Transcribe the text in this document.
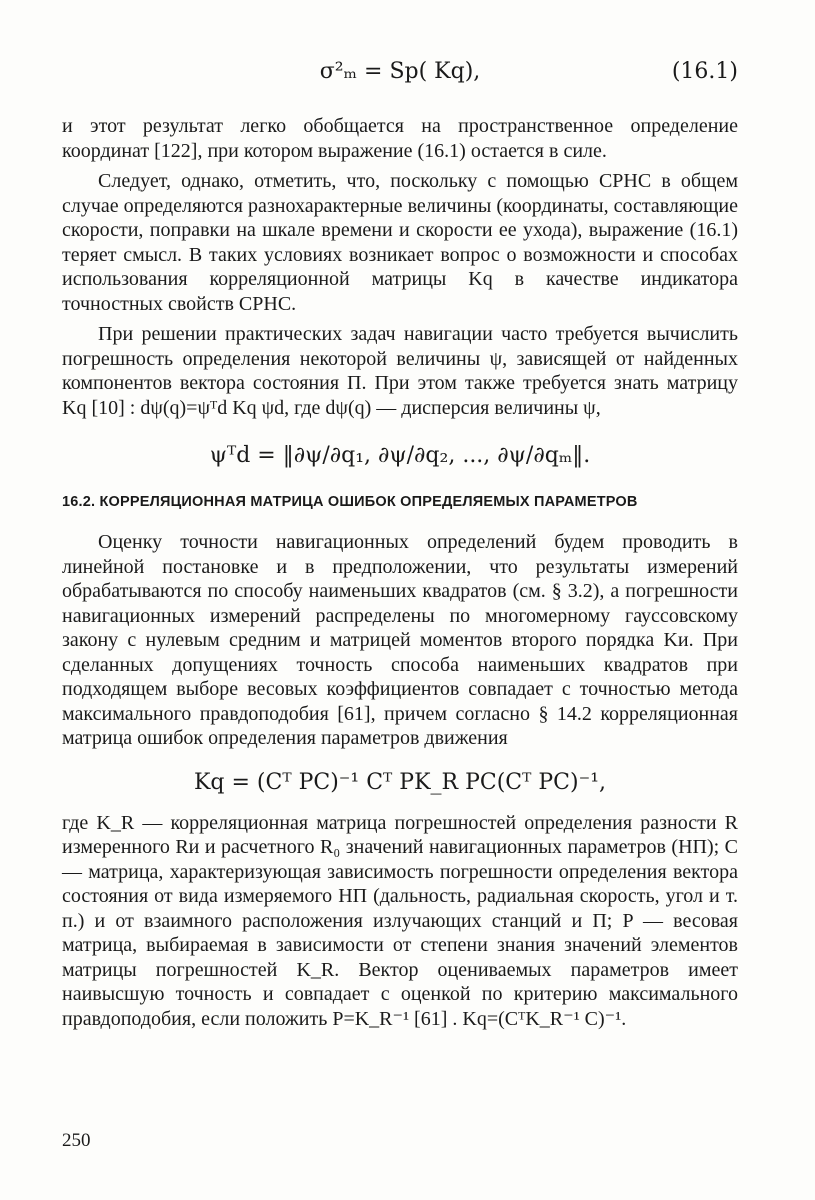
σ²ₘ = Sp( Kq),	(16.1)

и этот результат легко обобщается на пространственное определение координат [122], при котором выражение (16.1) остается в силе.

Следует, однако, отметить, что, поскольку с помощью СРНС в общем случае определяются разнохарактерные величины (координаты, составляющие скорости, поправки на шкале времени и скорости ее ухода), выражение (16.1) теряет смысл. В таких условиях возникает вопрос о возможности и способах использования корреляционной матрицы Kq в качестве индикатора точностных свойств СРНС.

При решении практических задач навигации часто требуется вычислить погрешность определения некоторой величины ψ, зависящей от найденных компонентов вектора состояния П. При этом также требуется знать матрицу Kq [10] : dψ(q)=ψᵀd Kq ψd, где dψ(q) — дисперсия величины ψ,

ψᵀd = ‖∂ψ/∂q₁, ∂ψ/∂q₂, ..., ∂ψ/∂qₘ‖.

16.2. КОРРЕЛЯЦИОННАЯ МАТРИЦА ОШИБОК ОПРЕДЕЛЯЕМЫХ ПАРАМЕТРОВ

Оценку точности навигационных определений будем проводить в линейной постановке и в предположении, что результаты измерений обрабатываются по способу наименьших квадратов (см. § 3.2), а погрешности навигационных измерений распределены по многомерному гауссовскому закону с нулевым средним и матрицей моментов второго порядка Kи. При сделанных допущениях точность способа наименьших квадратов при подходящем выборе весовых коэффициентов совпадает с точностью метода максимального правдоподобия [61], причем согласно § 14.2 корреляционная матрица ошибок определения параметров движения

Kq = (Cᵀ PC)⁻¹ Cᵀ PK_R PC(Cᵀ PC)⁻¹,

где K_R — корреляционная матрица погрешностей определения разности R измеренного Rи и расчетного R₀ значений навигационных параметров (НП); C — матрица, характеризующая зависимость погрешности определения вектора состояния от вида измеряемого НП (дальность, радиальная скорость, угол и т. п.) и от взаимного расположения излучающих станций и П; P — весовая матрица, выбираемая в зависимости от степени знания значений элементов матрицы погрешностей K_R. Вектор оцениваемых параметров имеет наивысшую точность и совпадает с оценкой по критерию максимального правдоподобия, если положить P=K_R⁻¹ [61] . Kq=(CᵀK_R⁻¹ C)⁻¹.

250
